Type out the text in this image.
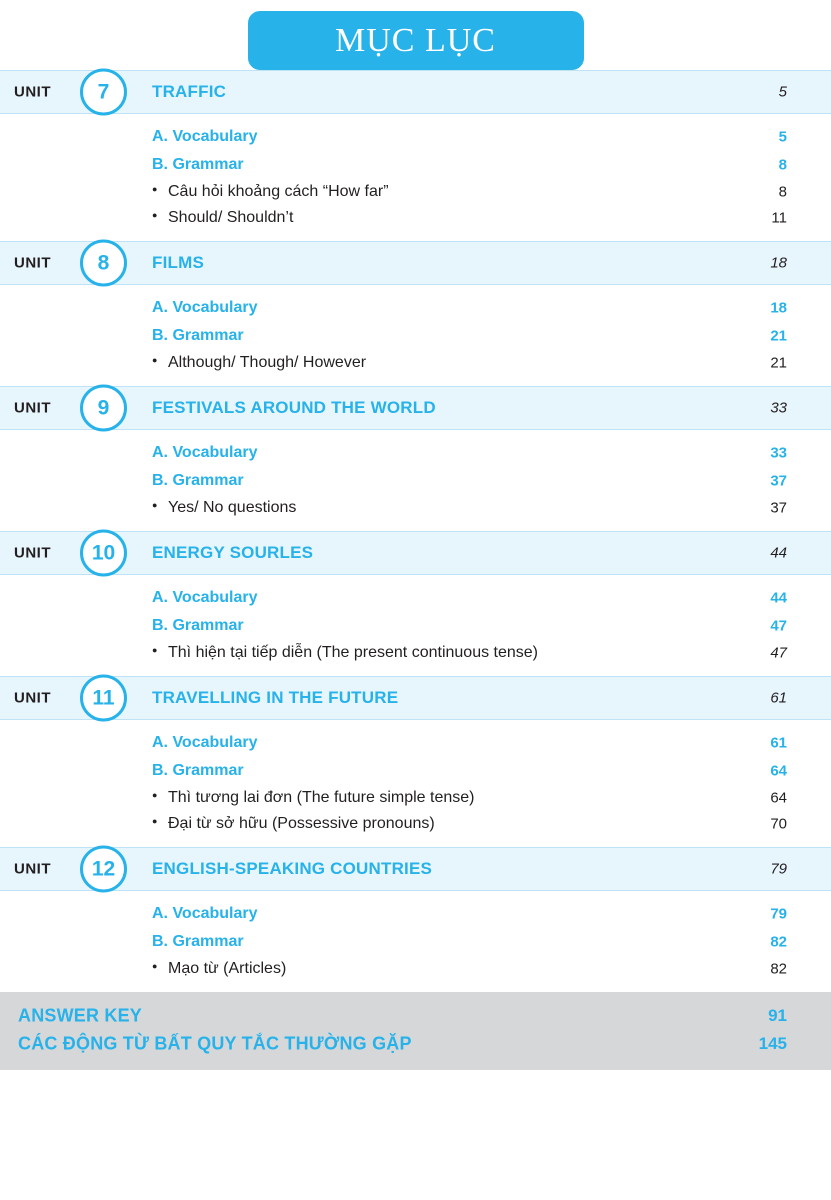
MỤC LỤC
UNIT	7	TRAFFIC	5
A. Vocabulary	5
B. Grammar	8
● Câu hỏi khoảng cách “How far”	8
● Should/ Shouldn’t	11
UNIT	8	FILMS	18
A. Vocabulary	18
B. Grammar	21
● Although/ Though/ However	21
UNIT	9	FESTIVALS AROUND THE WORLD	33
A. Vocabulary	33
B. Grammar	37
● Yes/ No questions	37
UNIT	10	ENERGY SOURLES	44
A. Vocabulary	44
B. Grammar	47
● Thì hiện tại tiếp diễn (The present continuous tense)	47
UNIT	11	TRAVELLING IN THE FUTURE	61
A. Vocabulary	61
B. Grammar	64
● Thì tương lai đơn (The future simple tense)	64
● Đại từ sở hữu (Possessive pronouns)	70
UNIT	12	ENGLISH-SPEAKING COUNTRIES	79
A. Vocabulary	79
B. Grammar	82
● Mạo từ (Articles)	82
ANSWER KEY	91
CÁC ĐỘNG TỪ BẤT QUY TẮC THƯỜNG GẶP	145
